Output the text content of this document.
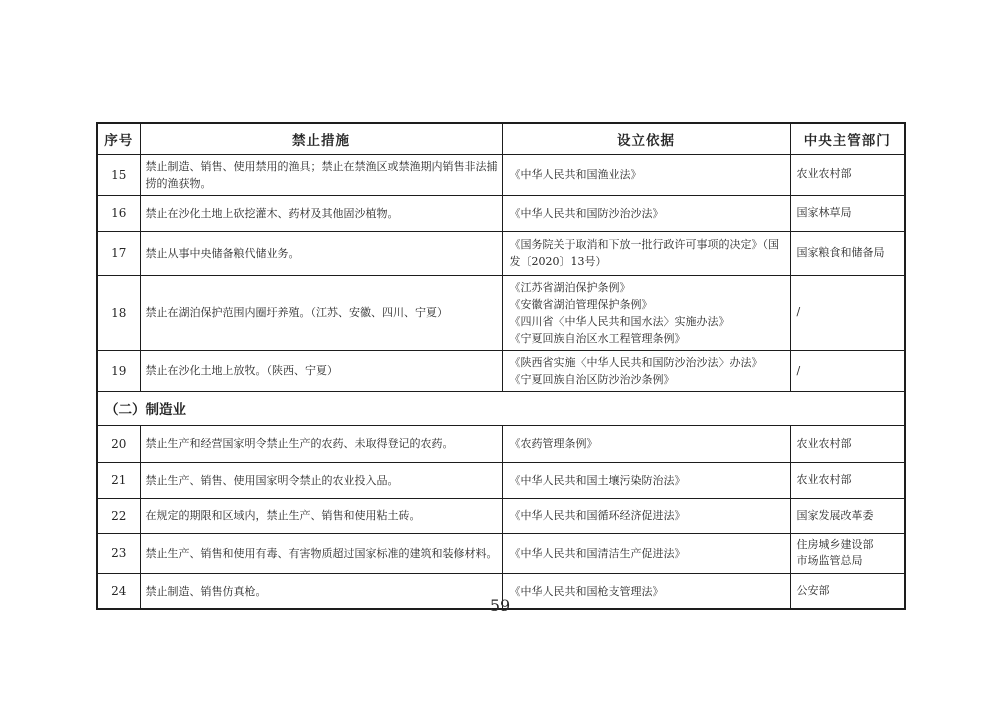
序号	禁止措施	设立依据	中央主管部门
15	禁止制造、销售、使用禁用的渔具；禁止在禁渔区或禁渔期内销售非法捕捞的渔获物。	《中华人民共和国渔业法》	农业农村部

16	禁止在沙化土地上砍挖灌木、药材及其他固沙植物。	《中华人民共和国防沙治沙法》	国家林草局

17	禁止从事中央储备粮代储业务。	《国务院关于取消和下放一批行政许可事项的决定》（国发〔2020〕13号）	国家粮食和储备局

18	禁止在湖泊保护范围内圈圩养殖。（江苏、安徽、四川、宁夏）	《江苏省湖泊保护条例》
《安徽省湖泊管理保护条例》
《四川省〈中华人民共和国水法〉实施办法》
《宁夏回族自治区水工程管理条例》	/

19	禁止在沙化土地上放牧。（陕西、宁夏）	《陕西省实施〈中华人民共和国防沙治沙法〉办法》
《宁夏回族自治区防沙治沙条例》	/

（二）制造业			
20	禁止生产和经营国家明令禁止生产的农药、未取得登记的农药。	《农药管理条例》	农业农村部

21	禁止生产、销售、使用国家明令禁止的农业投入品。	《中华人民共和国土壤污染防治法》	农业农村部

22	在规定的期限和区域内，禁止生产、销售和使用粘土砖。	《中华人民共和国循环经济促进法》	国家发展改革委

23	禁止生产、销售和使用有毒、有害物质超过国家标准的建筑和装修材料。	《中华人民共和国清洁生产促进法》	住房城乡建设部
市场监管总局

24	禁止制造、销售仿真枪。	《中华人民共和国枪支管理法》	公安部
59
